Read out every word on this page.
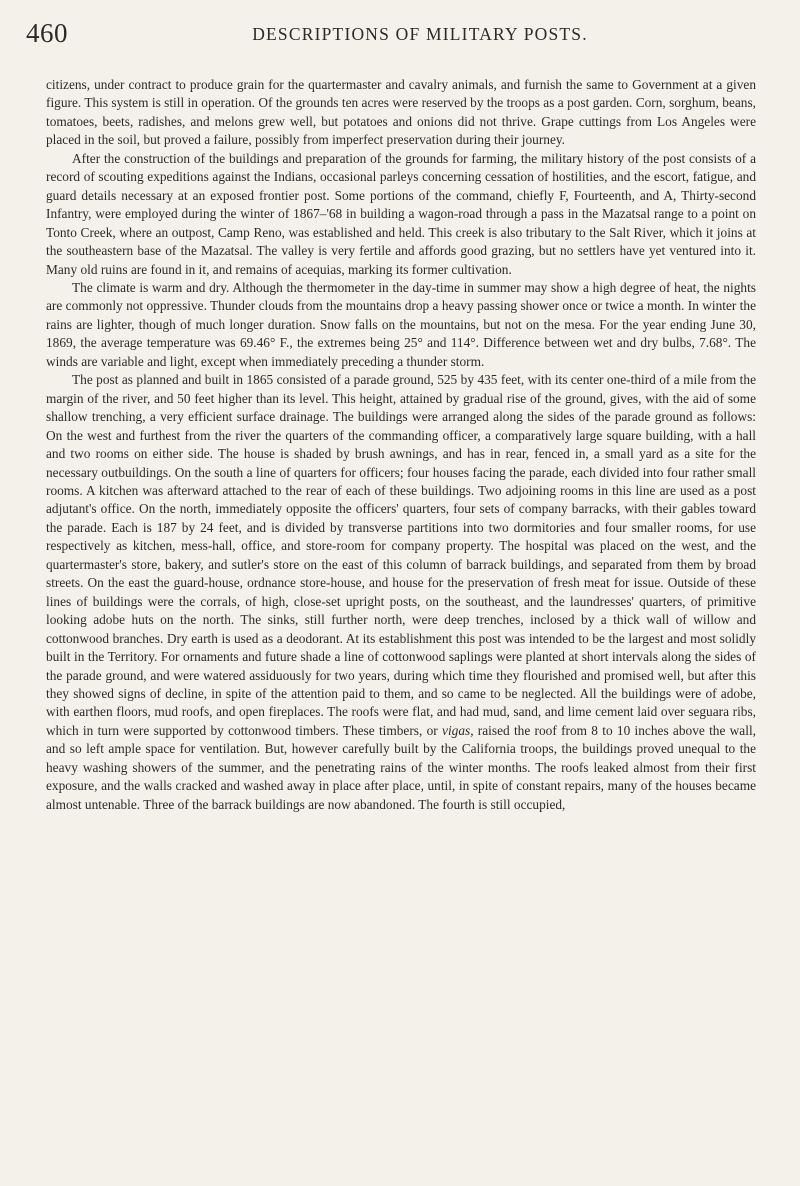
460	DESCRIPTIONS OF MILITARY POSTS.

citizens, under contract to produce grain for the quartermaster and cavalry animals, and furnish the same to Government at a given figure. This system is still in operation. Of the grounds ten acres were reserved by the troops as a post garden. Corn, sorghum, beans, tomatoes, beets, radishes, and melons grew well, but potatoes and onions did not thrive. Grape cuttings from Los Angeles were placed in the soil, but proved a failure, possibly from imperfect preservation during their journey.

After the construction of the buildings and preparation of the grounds for farming, the military history of the post consists of a record of scouting expeditions against the Indians, occasional parleys concerning cessation of hostilities, and the escort, fatigue, and guard details necessary at an exposed frontier post. Some portions of the command, chiefly F, Fourteenth, and A, Thirty-second Infantry, were employed during the winter of 1867–'68 in building a wagon-road through a pass in the Mazatsal range to a point on Tonto Creek, where an outpost, Camp Reno, was established and held. This creek is also tributary to the Salt River, which it joins at the southeastern base of the Mazatsal. The valley is very fertile and affords good grazing, but no settlers have yet ventured into it. Many old ruins are found in it, and remains of acequias, marking its former cultivation.

The climate is warm and dry. Although the thermometer in the day-time in summer may show a high degree of heat, the nights are commonly not oppressive. Thunder clouds from the mountains drop a heavy passing shower once or twice a month. In winter the rains are lighter, though of much longer duration. Snow falls on the mountains, but not on the mesa. For the year ending June 30, 1869, the average temperature was 69.46° F., the extremes being 25° and 114°. Difference between wet and dry bulbs, 7.68°. The winds are variable and light, except when immediately preceding a thunder storm.

The post as planned and built in 1865 consisted of a parade ground, 525 by 435 feet, with its center one-third of a mile from the margin of the river, and 50 feet higher than its level. This height, attained by gradual rise of the ground, gives, with the aid of some shallow trenching, a very efficient surface drainage. The buildings were arranged along the sides of the parade ground as follows: On the west and furthest from the river the quarters of the commanding officer, a comparatively large square building, with a hall and two rooms on either side. The house is shaded by brush awnings, and has in rear, fenced in, a small yard as a site for the necessary outbuildings. On the south a line of quarters for officers; four houses facing the parade, each divided into four rather small rooms. A kitchen was afterward attached to the rear of each of these buildings. Two adjoining rooms in this line are used as a post adjutant's office. On the north, immediately opposite the officers' quarters, four sets of company barracks, with their gables toward the parade. Each is 187 by 24 feet, and is divided by transverse partitions into two dormitories and four smaller rooms, for use respectively as kitchen, mess-hall, office, and store-room for company property. The hospital was placed on the west, and the quartermaster's store, bakery, and sutler's store on the east of this column of barrack buildings, and separated from them by broad streets. On the east the guard-house, ordnance store-house, and house for the preservation of fresh meat for issue. Outside of these lines of buildings were the corrals, of high, close-set upright posts, on the southeast, and the laundresses' quarters, of primitive looking adobe huts on the north. The sinks, still further north, were deep trenches, inclosed by a thick wall of willow and cottonwood branches. Dry earth is used as a deodorant. At its establishment this post was intended to be the largest and most solidly built in the Territory. For ornaments and future shade a line of cottonwood saplings were planted at short intervals along the sides of the parade ground, and were watered assiduously for two years, during which time they flourished and promised well, but after this they showed signs of decline, in spite of the attention paid to them, and so came to be neglected. All the buildings were of adobe, with earthen floors, mud roofs, and open fireplaces. The roofs were flat, and had mud, sand, and lime cement laid over seguara ribs, which in turn were supported by cottonwood timbers. These timbers, or vigas, raised the roof from 8 to 10 inches above the wall, and so left ample space for ventilation. But, however carefully built by the California troops, the buildings proved unequal to the heavy washing showers of the summer, and the penetrating rains of the winter months. The roofs leaked almost from their first exposure, and the walls cracked and washed away in place after place, until, in spite of constant repairs, many of the houses became almost untenable. Three of the barrack buildings are now abandoned. The fourth is still occupied,
